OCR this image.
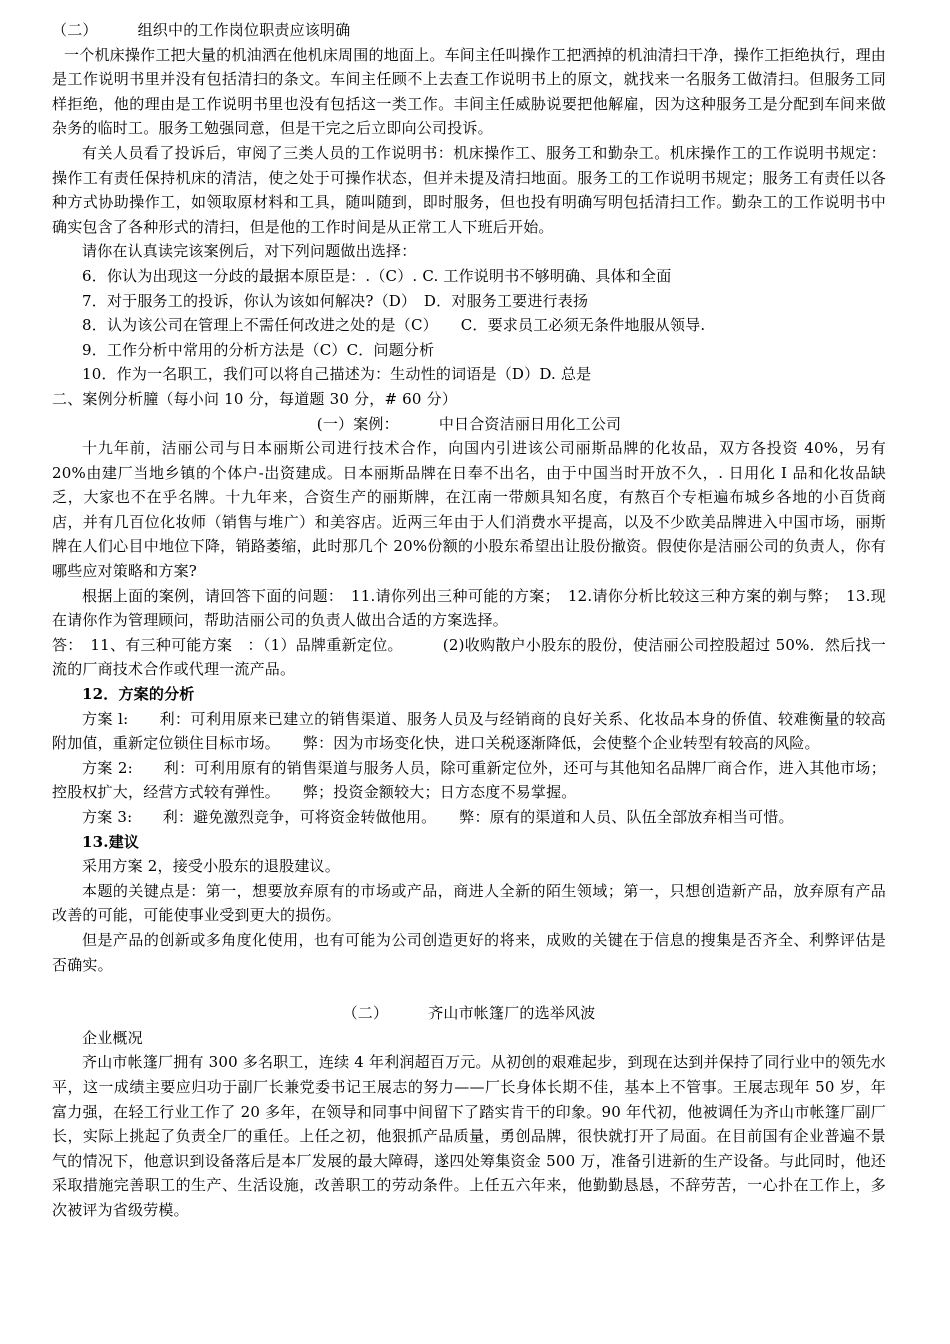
（二）	组织中的工作岗位职责应该明确

一个机床操作工把大量的机油洒在他机床周围的地面上。车间主任叫操作工把洒掉的机油清扫干净，操作工拒绝执行，理由是工作说明书里并没有包括清扫的条文。车间主任顾不上去查工作说明书上的原文，就找来一名服务工做清扫。但服务工同样拒绝，他的理由是工作说明书里也没有包括这一类工作。丰间主任威胁说要把他解雇，因为这种服务工是分配到车间来做杂务的临时工。服务工勉强同意，但是干完之后立即向公司投诉。

有关人员看了投诉后，审阅了三类人员的工作说明书：机床操作工、服务工和勤杂工。机床操作工的工作说明书规定：操作工有责任保持机床的清洁，使之处于可操作状态，但并未提及清扫地面。服务工的工作说明书规定；服务工有责任以各种方式协助操作工，如领取原材料和工具，随叫随到，即时服务，但也投有明确写明包括清扫工作。勤杂工的工作说明书中确实包含了各种形式的清扫，但是他的工作时间是从正常工人下班后开始。

请你在认真读完该案例后，对下列问题做出选择：

6．你认为出现这一分歧的最据本原臣是：.（C）. C. 工作说明书不够明确、具体和全面

7．对于服务工的投诉，你认为该如何解决?（D）　D．对服务工要进行表扬

8．认为该公司在管理上不需任何改进之处的是（C）　　C．要求员工必须无条件地服从领导.

9．工作分析中常用的分析方法是（C）C．问题分析

10．作为一名职工，我们可以将自己描述为：生动性的词语是（D）D. 总是

二、案例分析朣（每小问 10 分，每道题 30 分，# 60 分）

(一）案例：	中日合资洁丽日用化工公司

十九年前，洁丽公司与日本丽斯公司进行技术合作，向国内引进该公司丽斯品牌的化妆品，双方各投资 40%，另有 20%由建厂当地乡镇的个体户-岀资建成。日本丽斯品牌在日奉不出名，由于中国当时开放不久，. 日用化 I 品和化妆品缺乏，大家也不在乎名牌。十九年来，合资生产的丽斯牌，在江南一带颇具知名度，有熬百个专柜遍布城乡各地的小百货商店，并有几百位化妆师（销售与堆广）和美容店。近两三年由于人们消费水平提高，以及不少欧美品牌进入中国市场，丽斯牌在人们心目中地位下降，销路萎缩，此时那几个 20%份额的小股东希望出让股份撤资。假使你是洁丽公司的负责人，你有哪些应对策略和方案?

根据上面的案例，请回答下面的问题：　11.请你列出三种可能的方案；　12.请你分析比较这三种方案的剃与弊；　13.现在请你作为管理顾问，帮助洁丽公司的负责人做出合适的方案选择。

答：　11、有三种可能方案　：（1）品牌重新定位。	(2)收购散户小股东的股份，使洁丽公司控股超过 50%．然后找一流的厂商技术合作或代理一流产品。

12．方案的分析

方案 l:　　利：可利用原来已建立的销售渠道、服务人员及与经销商的良好关系、化妆品本身的侨值、较难衡量的较高附加值，重新定位锁住目标市场。　　弊：因为市场变化快，进口关税逐渐降低，会使整个企业转型有较高的风险。

方案 2:　　利：可利用原有的销售渠道与服务人员，除可重新定位外，还可与其他知名品牌厂商合作，进入其他市场；控股权扩大，经营方式较有弹性。　　弊；投资金额较大；日方态度不易掌握。

方案 3:　　利：避免激烈竞争，可将资金转做他用。　　弊：原有的渠道和人员、队伍全部放弃相当可惜。

13.建议

采用方案 2，接受小股东的退股建议。

本题的关键点是：第一，想要放弃原有的市场或产品，商进人全新的陌生领域；第一，只想创造新产品，放弃原有产品改善的可能，可能使事业受到更大的损伤。

但是产品的创新或多角度化使用，也有可能为公司创造更好的将来，成败的关键在于信息的搜集是否齐全、利弊评估是否确实。

（二）	齐山市帐篷厂的选举风波

企业概况

齐山市帐篷厂拥有 300 多名职工，连续 4 年利润超百万元。从初创的艰难起步，到现在达到并保持了同行业中的领先水平，这一成绩主要应归功于副厂长兼党委书记王展志的努力——厂长身体长期不佳，基本上不管事。王展志现年 50 岁，年富力强，在轻工行业工作了 20 多年，在领导和同事中间留下了踏实肯干的印象。90 年代初，他被调任为齐山市帐篷厂副厂长，实际上挑起了负责全厂的重任。上任之初，他狠抓产品质量，勇创品牌，很快就打开了局面。在目前国有企业普遍不景气的情况下，他意识到设备落后是本厂发展的最大障碍，遂四处筹集资金 500 万，准备引进新的生产设备。与此同时，他还采取措施完善职工的生产、生活设施，改善职工的劳动条件。上任五六年来，他勤勤恳恳，不辞劳苦，一心扑在工作上，多次被评为省级劳模。
